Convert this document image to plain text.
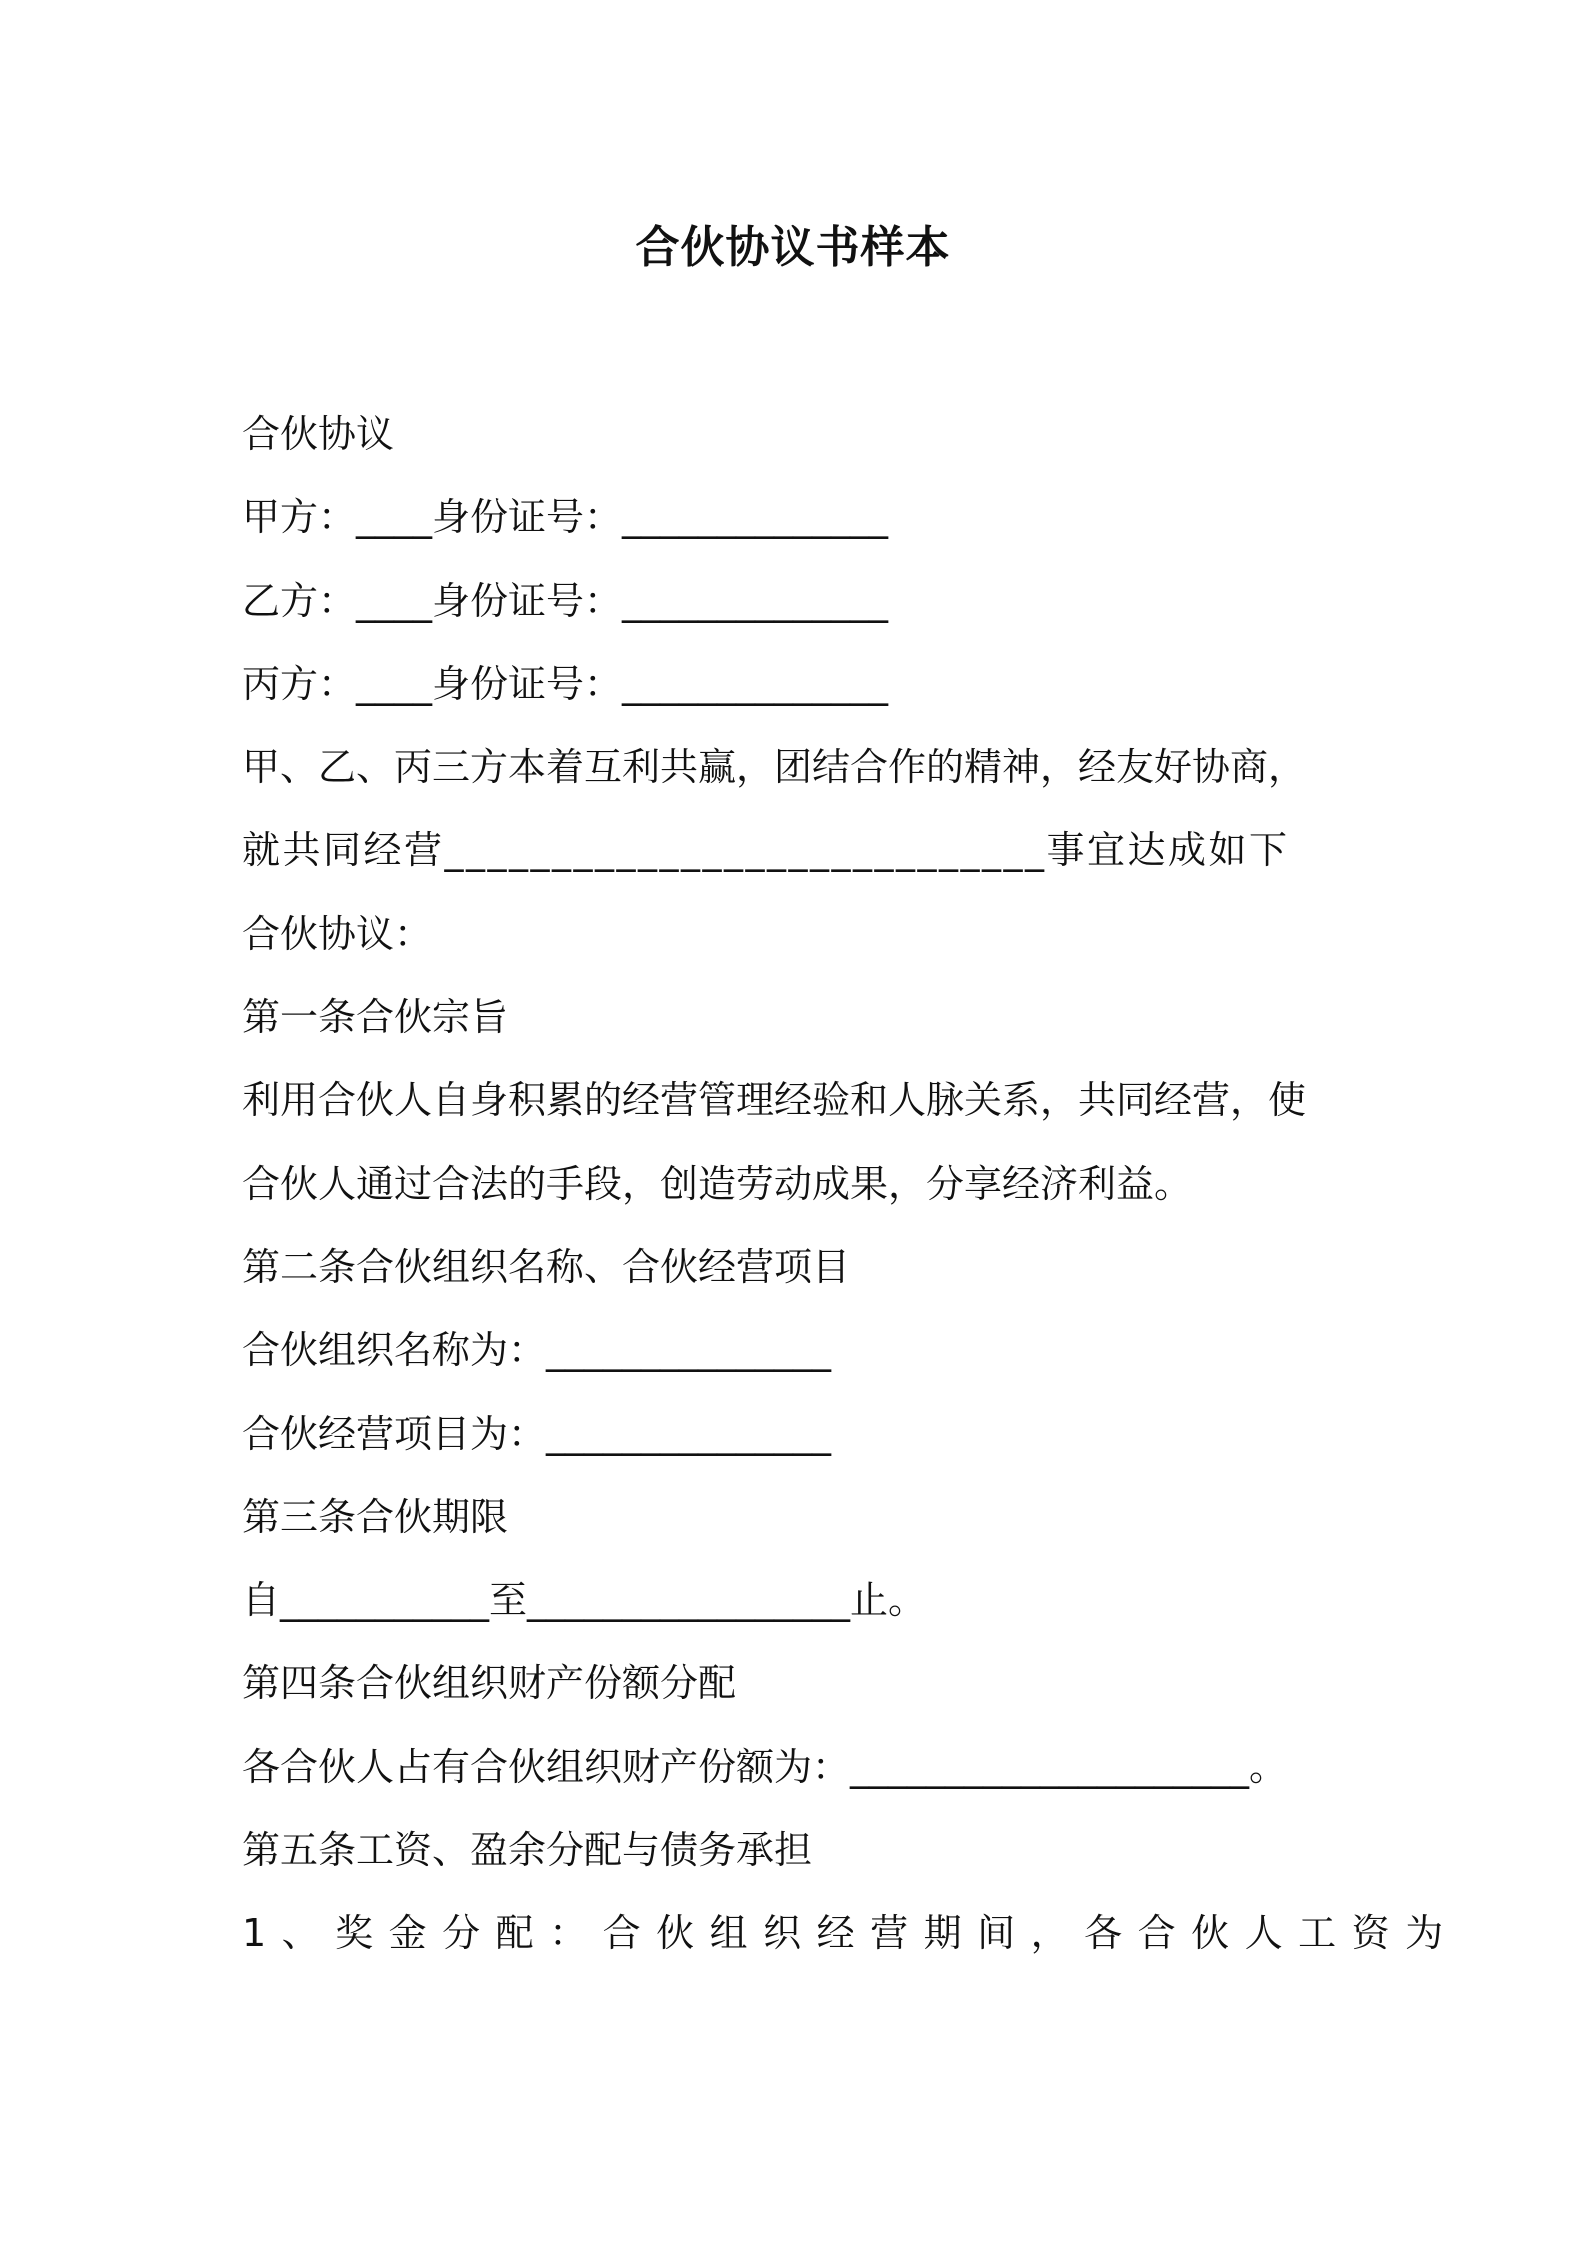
合伙协议书样本

合伙协议

甲方：____身份证号：______________

乙方：____身份证号：______________

丙方：____身份证号：______________

甲、乙、丙三方本着互利共赢，团结合作的精神，经友好协商，

就共同经营____________________________事宜达成如下

合伙协议：

第一条合伙宗旨

利用合伙人自身积累的经营管理经验和人脉关系，共同经营，使

合伙人通过合法的手段，创造劳动成果，分享经济利益。

第二条合伙组织名称、合伙经营项目

合伙组织名称为：_______________

合伙经营项目为：_______________

第三条合伙期限

自___________至_________________止。

第四条合伙组织财产份额分配

各合伙人占有合伙组织财产份额为：_____________________。

第五条工资、盈余分配与债务承担

1、奖金分配：合伙组织经营期间，各合伙人工资为
